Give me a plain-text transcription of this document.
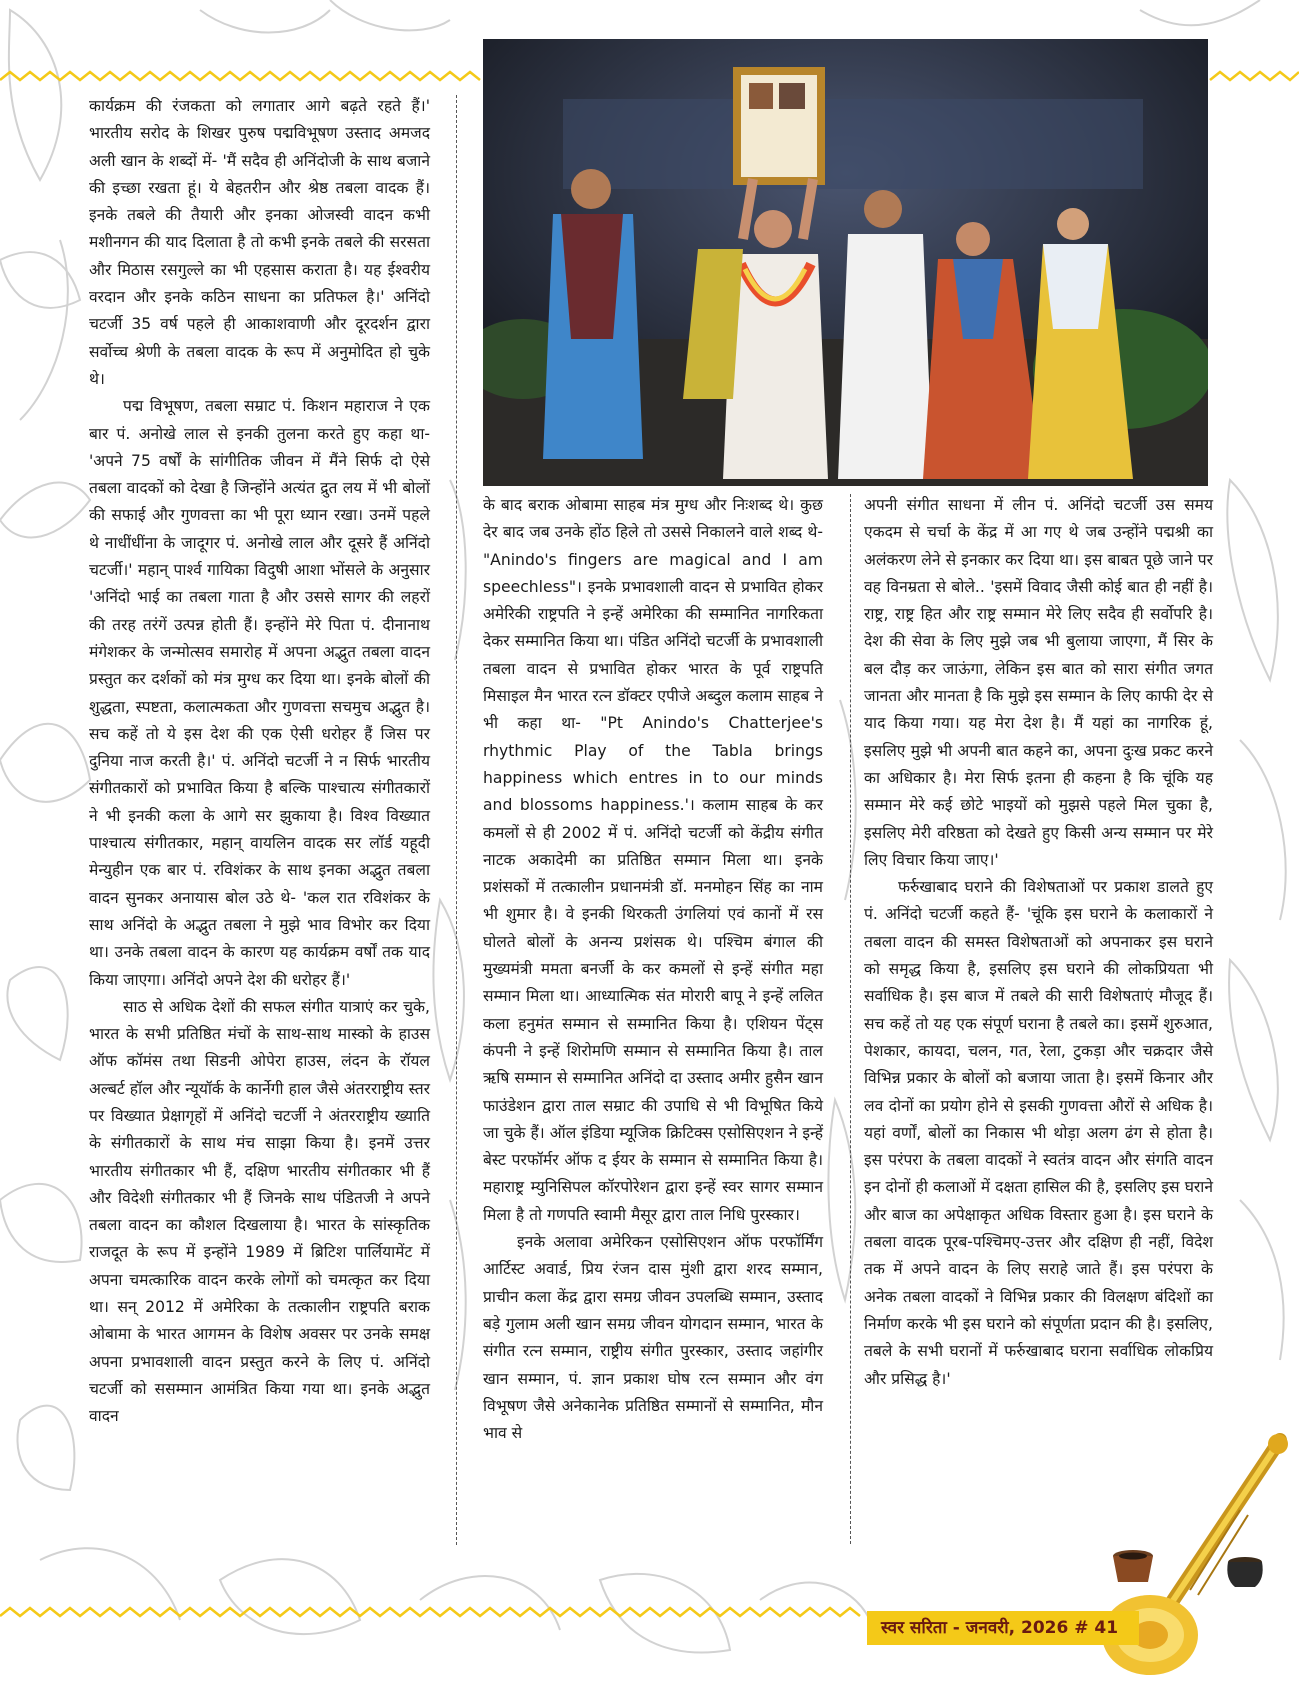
कार्यक्रम की रंजकता को लगातार आगे बढ़ते रहते हैं।' भारतीय सरोद के शिखर पुरुष पद्मविभूषण उस्ताद अमजद अली खान के शब्दों में- 'मैं सदैव ही अनिंदोजी के साथ बजाने की इच्छा रखता हूं। ये बेहतरीन और श्रेष्ठ तबला वादक हैं। इनके तबले की तैयारी और इनका ओजस्वी वादन कभी मशीनगन की याद दिलाता है तो कभी इनके तबले की सरसता और मिठास रसगुल्ले का भी एहसास कराता है। यह ईश्वरीय वरदान और इनके कठिन साधना का प्रतिफल है।' अनिंदो चटर्जी 35 वर्ष पहले ही आकाशवाणी और दूरदर्शन द्वारा सर्वोच्च श्रेणी के तबला वादक के रूप में अनुमोदित हो चुके थे।

पद्म विभूषण, तबला सम्राट पं. किशन महाराज ने एक बार पं. अनोखे लाल से इनकी तुलना करते हुए कहा था- 'अपने 75 वर्षों के सांगीतिक जीवन में मैंने सिर्फ दो ऐसे तबला वादकों को देखा है जिन्होंने अत्यंत द्रुत लय में भी बोलों की सफाई और गुणवत्ता का भी पूरा ध्यान रखा। उनमें पहले थे नाधींधींना के जादूगर पं. अनोखे लाल और दूसरे हैं अनिंदो चटर्जी।' महान् पार्श्व गायिका विदुषी आशा भोंसले के अनुसार 'अनिंदो भाई का तबला गाता है और उससे सागर की लहरों की तरह तरंगें उत्पन्न होती हैं। इन्होंने मेरे पिता पं. दीनानाथ मंगेशकर के जन्मोत्सव समारोह में अपना अद्भुत तबला वादन प्रस्तुत कर दर्शकों को मंत्र मुग्ध कर दिया था। इनके बोलों की शुद्धता, स्पष्टता, कलात्मकता और गुणवत्ता सचमुच अद्भुत है। सच कहें तो ये इस देश की एक ऐसी धरोहर हैं जिस पर दुनिया नाज करती है।' पं. अनिंदो चटर्जी ने न सिर्फ भारतीय संगीतकारों को प्रभावित किया है बल्कि पाश्चात्य संगीतकारों ने भी इनकी कला के आगे सर झुकाया है। विश्व विख्यात पाश्चात्य संगीतकार, महान् वायलिन वादक सर लॉर्ड यहूदी मेन्युहीन एक बार पं. रविशंकर के साथ इनका अद्भुत तबला वादन सुनकर अनायास बोल उठे थे- 'कल रात रविशंकर के साथ अनिंदो के अद्भुत तबला ने मुझे भाव विभोर कर दिया था। उनके तबला वादन के कारण यह कार्यक्रम वर्षों तक याद किया जाएगा। अनिंदो अपने देश की धरोहर हैं।'

साठ से अधिक देशों की सफल संगीत यात्राएं कर चुके, भारत के सभी प्रतिष्ठित मंचों के साथ-साथ मास्को के हाउस ऑफ कॉमंस तथा सिडनी ओपेरा हाउस, लंदन के रॉयल अल्बर्ट हॉल और न्यूयॉर्क के कार्नेगी हाल जैसे अंतरराष्ट्रीय स्तर पर विख्यात प्रेक्षागृहों में अनिंदो चटर्जी ने अंतरराष्ट्रीय ख्याति के संगीतकारों के साथ मंच साझा किया है। इनमें उत्तर भारतीय संगीतकार भी हैं, दक्षिण भारतीय संगीतकार भी हैं और विदेशी संगीतकार भी हैं जिनके साथ पंडितजी ने अपने तबला वादन का कौशल दिखलाया है। भारत के सांस्कृतिक राजदूत के रूप में इन्होंने 1989 में ब्रिटिश पार्लियामेंट में अपना चमत्कारिक वादन करके लोगों को चमत्कृत कर दिया था। सन् 2012 में अमेरिका के तत्कालीन राष्ट्रपति बराक ओबामा के भारत आगमन के विशेष अवसर पर उनके समक्ष अपना प्रभावशाली वादन प्रस्तुत करने के लिए पं. अनिंदो चटर्जी को ससम्मान आमंत्रित किया गया था। इनके अद्भुत वादन

के बाद बराक ओबामा साहब मंत्र मुग्ध और निःशब्द थे। कुछ देर बाद जब उनके होंठ हिले तो उससे निकालने वाले शब्द थे- "Anindo's fingers are magical and I am speechless"। इनके प्रभावशाली वादन से प्रभावित होकर अमेरिकी राष्ट्रपति ने इन्हें अमेरिका की सम्मानित नागरिकता देकर सम्मानित किया था। पंडित अनिंदो चटर्जी के प्रभावशाली तबला वादन से प्रभावित होकर भारत के पूर्व राष्ट्रपति मिसाइल मैन भारत रत्न डॉक्टर एपीजे अब्दुल कलाम साहब ने भी कहा था- "Pt Anindo's Chatterjee's rhythmic Play of the Tabla brings happiness which entres in to our minds and blossoms happiness.'। कलाम साहब के कर कमलों से ही 2002 में पं. अनिंदो चटर्जी को केंद्रीय संगीत नाटक अकादेमी का प्रतिष्ठित सम्मान मिला था। इनके प्रशंसकों में तत्कालीन प्रधानमंत्री डॉ. मनमोहन सिंह का नाम भी शुमार है। वे इनकी थिरकती उंगलियां एवं कानों में रस घोलते बोलों के अनन्य प्रशंसक थे। पश्चिम बंगाल की मुख्यमंत्री ममता बनर्जी के कर कमलों से इन्हें संगीत महा सम्मान मिला था। आध्यात्मिक संत मोरारी बापू ने इन्हें ललित कला हनुमंत सम्मान से सम्मानित किया है। एशियन पेंट्स कंपनी ने इन्हें शिरोमणि सम्मान से सम्मानित किया है। ताल ऋषि सम्मान से सम्मानित अनिंदो दा उस्ताद अमीर हुसैन खान फाउंडेशन द्वारा ताल सम्राट की उपाधि से भी विभूषित किये जा चुके हैं। ऑल इंडिया म्यूजिक क्रिटिक्स एसोसिएशन ने इन्हें बेस्ट परफॉर्मर ऑफ द ईयर के सम्मान से सम्मानित किया है। महाराष्ट्र म्युनिसिपल कॉरपोरेशन द्वारा इन्हें स्वर सागर सम्मान मिला है तो गणपति स्वामी मैसूर द्वारा ताल निधि पुरस्कार।

इनके अलावा अमेरिकन एसोसिएशन ऑफ परफॉर्मिंग आर्टिस्ट अवार्ड, प्रिय रंजन दास मुंशी द्वारा शरद सम्मान, प्राचीन कला केंद्र द्वारा समग्र जीवन उपलब्धि सम्मान, उस्ताद बड़े गुलाम अली खान समग्र जीवन योगदान सम्मान, भारत के संगीत रत्न सम्मान, राष्ट्रीय संगीत पुरस्कार, उस्ताद जहांगीर खान सम्मान, पं. ज्ञान प्रकाश घोष रत्न सम्मान और वंग विभूषण जैसे अनेकानेक प्रतिष्ठित सम्मानों से सम्मानित, मौन भाव से

अपनी संगीत साधना में लीन पं. अनिंदो चटर्जी उस समय एकदम से चर्चा के केंद्र में आ गए थे जब उन्होंने पद्मश्री का अलंकरण लेने से इनकार कर दिया था। इस बाबत पूछे जाने पर वह विनम्रता से बोले.. 'इसमें विवाद जैसी कोई बात ही नहीं है। राष्ट्र, राष्ट्र हित और राष्ट्र सम्मान मेरे लिए सदैव ही सर्वोपरि है। देश की सेवा के लिए मुझे जब भी बुलाया जाएगा, मैं सिर के बल दौड़ कर जाऊंगा, लेकिन इस बात को सारा संगीत जगत जानता और मानता है कि मुझे इस सम्मान के लिए काफी देर से याद किया गया। यह मेरा देश है। मैं यहां का नागरिक हूं, इसलिए मुझे भी अपनी बात कहने का, अपना दुःख प्रकट करने का अधिकार है। मेरा सिर्फ इतना ही कहना है कि चूंकि यह सम्मान मेरे कई छोटे भाइयों को मुझसे पहले मिल चुका है, इसलिए मेरी वरिष्ठता को देखते हुए किसी अन्य सम्मान पर मेरे लिए विचार किया जाए।'

फर्रुखाबाद घराने की विशेषताओं पर प्रकाश डालते हुए पं. अनिंदो चटर्जी कहते हैं- 'चूंकि इस घराने के कलाकारों ने तबला वादन की समस्त विशेषताओं को अपनाकर इस घराने को समृद्ध किया है, इसलिए इस घराने की लोकप्रियता भी सर्वाधिक है। इस बाज में तबले की सारी विशेषताएं मौजूद हैं। सच कहें तो यह एक संपूर्ण घराना है तबले का। इसमें शुरुआत, पेशकार, कायदा, चलन, गत, रेला, टुकड़ा और चक्रदार जैसे विभिन्न प्रकार के बोलों को बजाया जाता है। इसमें किनार और लव दोनों का प्रयोग होने से इसकी गुणवत्ता औरों से अधिक है। यहां वर्णों, बोलों का निकास भी थोड़ा अलग ढंग से होता है। इस परंपरा के तबला वादकों ने स्वतंत्र वादन और संगति वादन इन दोनों ही कलाओं में दक्षता हासिल की है, इसलिए इस घराने और बाज का अपेक्षाकृत अधिक विस्तार हुआ है। इस घराने के तबला वादक पूरब-पश्चिमए-उत्तर और दक्षिण ही नहीं, विदेश तक में अपने वादन के लिए सराहे जाते हैं। इस परंपरा के अनेक तबला वादकों ने विभिन्न प्रकार की विलक्षण बंदिशों का निर्माण करके भी इस घराने को संपूर्णता प्रदान की है। इसलिए, तबले के सभी घरानों में फर्रुखाबाद घराना सर्वाधिक लोकप्रिय और प्रसिद्ध है।'

स्वर सरिता - जनवरी, 2026 # 41
